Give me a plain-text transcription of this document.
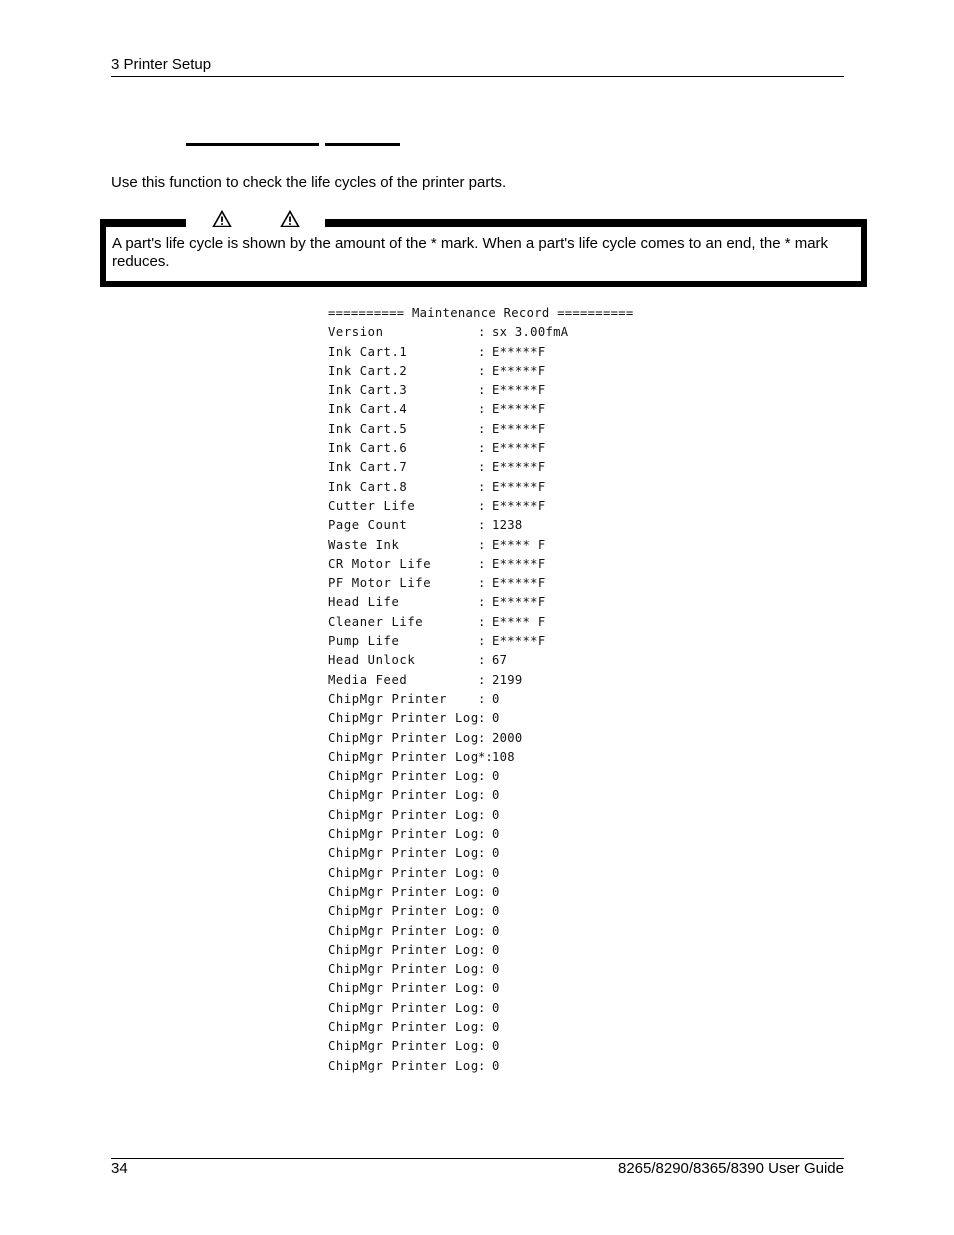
3 Printer Setup
Use this function to check the life cycles of the printer parts.
A part's life cycle is shown by the amount of the * mark. When a part's life cycle comes to an end, the * mark reduces.
========== Maintenance Record ==========
Version	: sx 3.00fmA
Ink Cart.1	: E*****F
Ink Cart.2	: E*****F
Ink Cart.3	: E*****F
Ink Cart.4	: E*****F
Ink Cart.5	: E*****F
Ink Cart.6	: E*****F
Ink Cart.7	: E*****F
Ink Cart.8	: E*****F
Cutter Life	: E*****F
Page Count	: 1238
Waste Ink	: E**** F
CR Motor Life	: E*****F
PF Motor Life	: E*****F
Head Life	: E*****F
Cleaner Life	: E**** F
Pump Life	: E*****F
Head Unlock	: 67
Media Feed	: 2199
ChipMgr Printer	: 0
ChipMgr Printer Log : 0
ChipMgr Printer Log : 2000
ChipMgr Printer Log *: 108
ChipMgr Printer Log : 0
ChipMgr Printer Log : 0
ChipMgr Printer Log : 0
ChipMgr Printer Log : 0
ChipMgr Printer Log : 0
ChipMgr Printer Log : 0
ChipMgr Printer Log : 0
ChipMgr Printer Log : 0
ChipMgr Printer Log : 0
ChipMgr Printer Log : 0
ChipMgr Printer Log : 0
ChipMgr Printer Log : 0
ChipMgr Printer Log : 0
ChipMgr Printer Log : 0
ChipMgr Printer Log : 0
ChipMgr Printer Log : 0
34	8265/8290/8365/8390 User Guide
